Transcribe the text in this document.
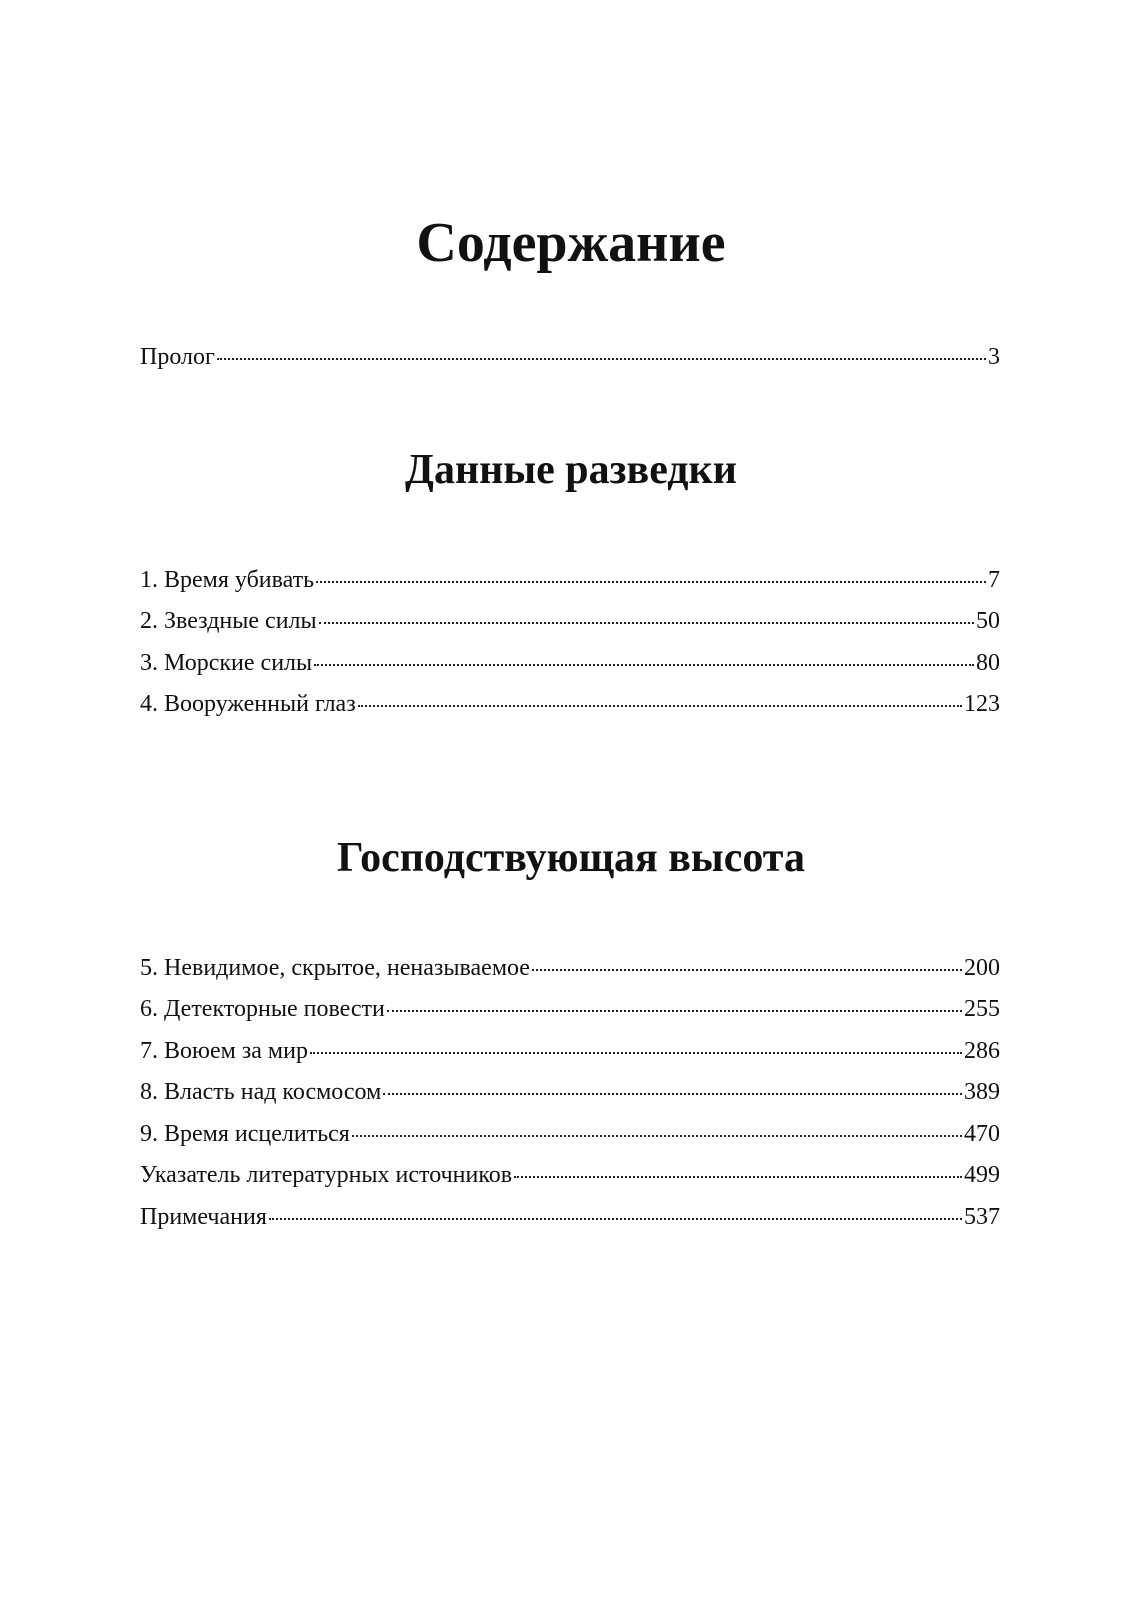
Содержание
Пролог	3
Данные разведки
1. Время убивать	7
2. Звездные силы	50
3. Морские силы	80
4. Вооруженный глаз	123
Господствующая высота
5. Невидимое, скрытое, неназываемое	200
6. Детекторные повести	255
7. Воюем за мир	286
8. Власть над космосом	389
9. Время исцелиться	470
Указатель литературных источников	499
Примечания	537
